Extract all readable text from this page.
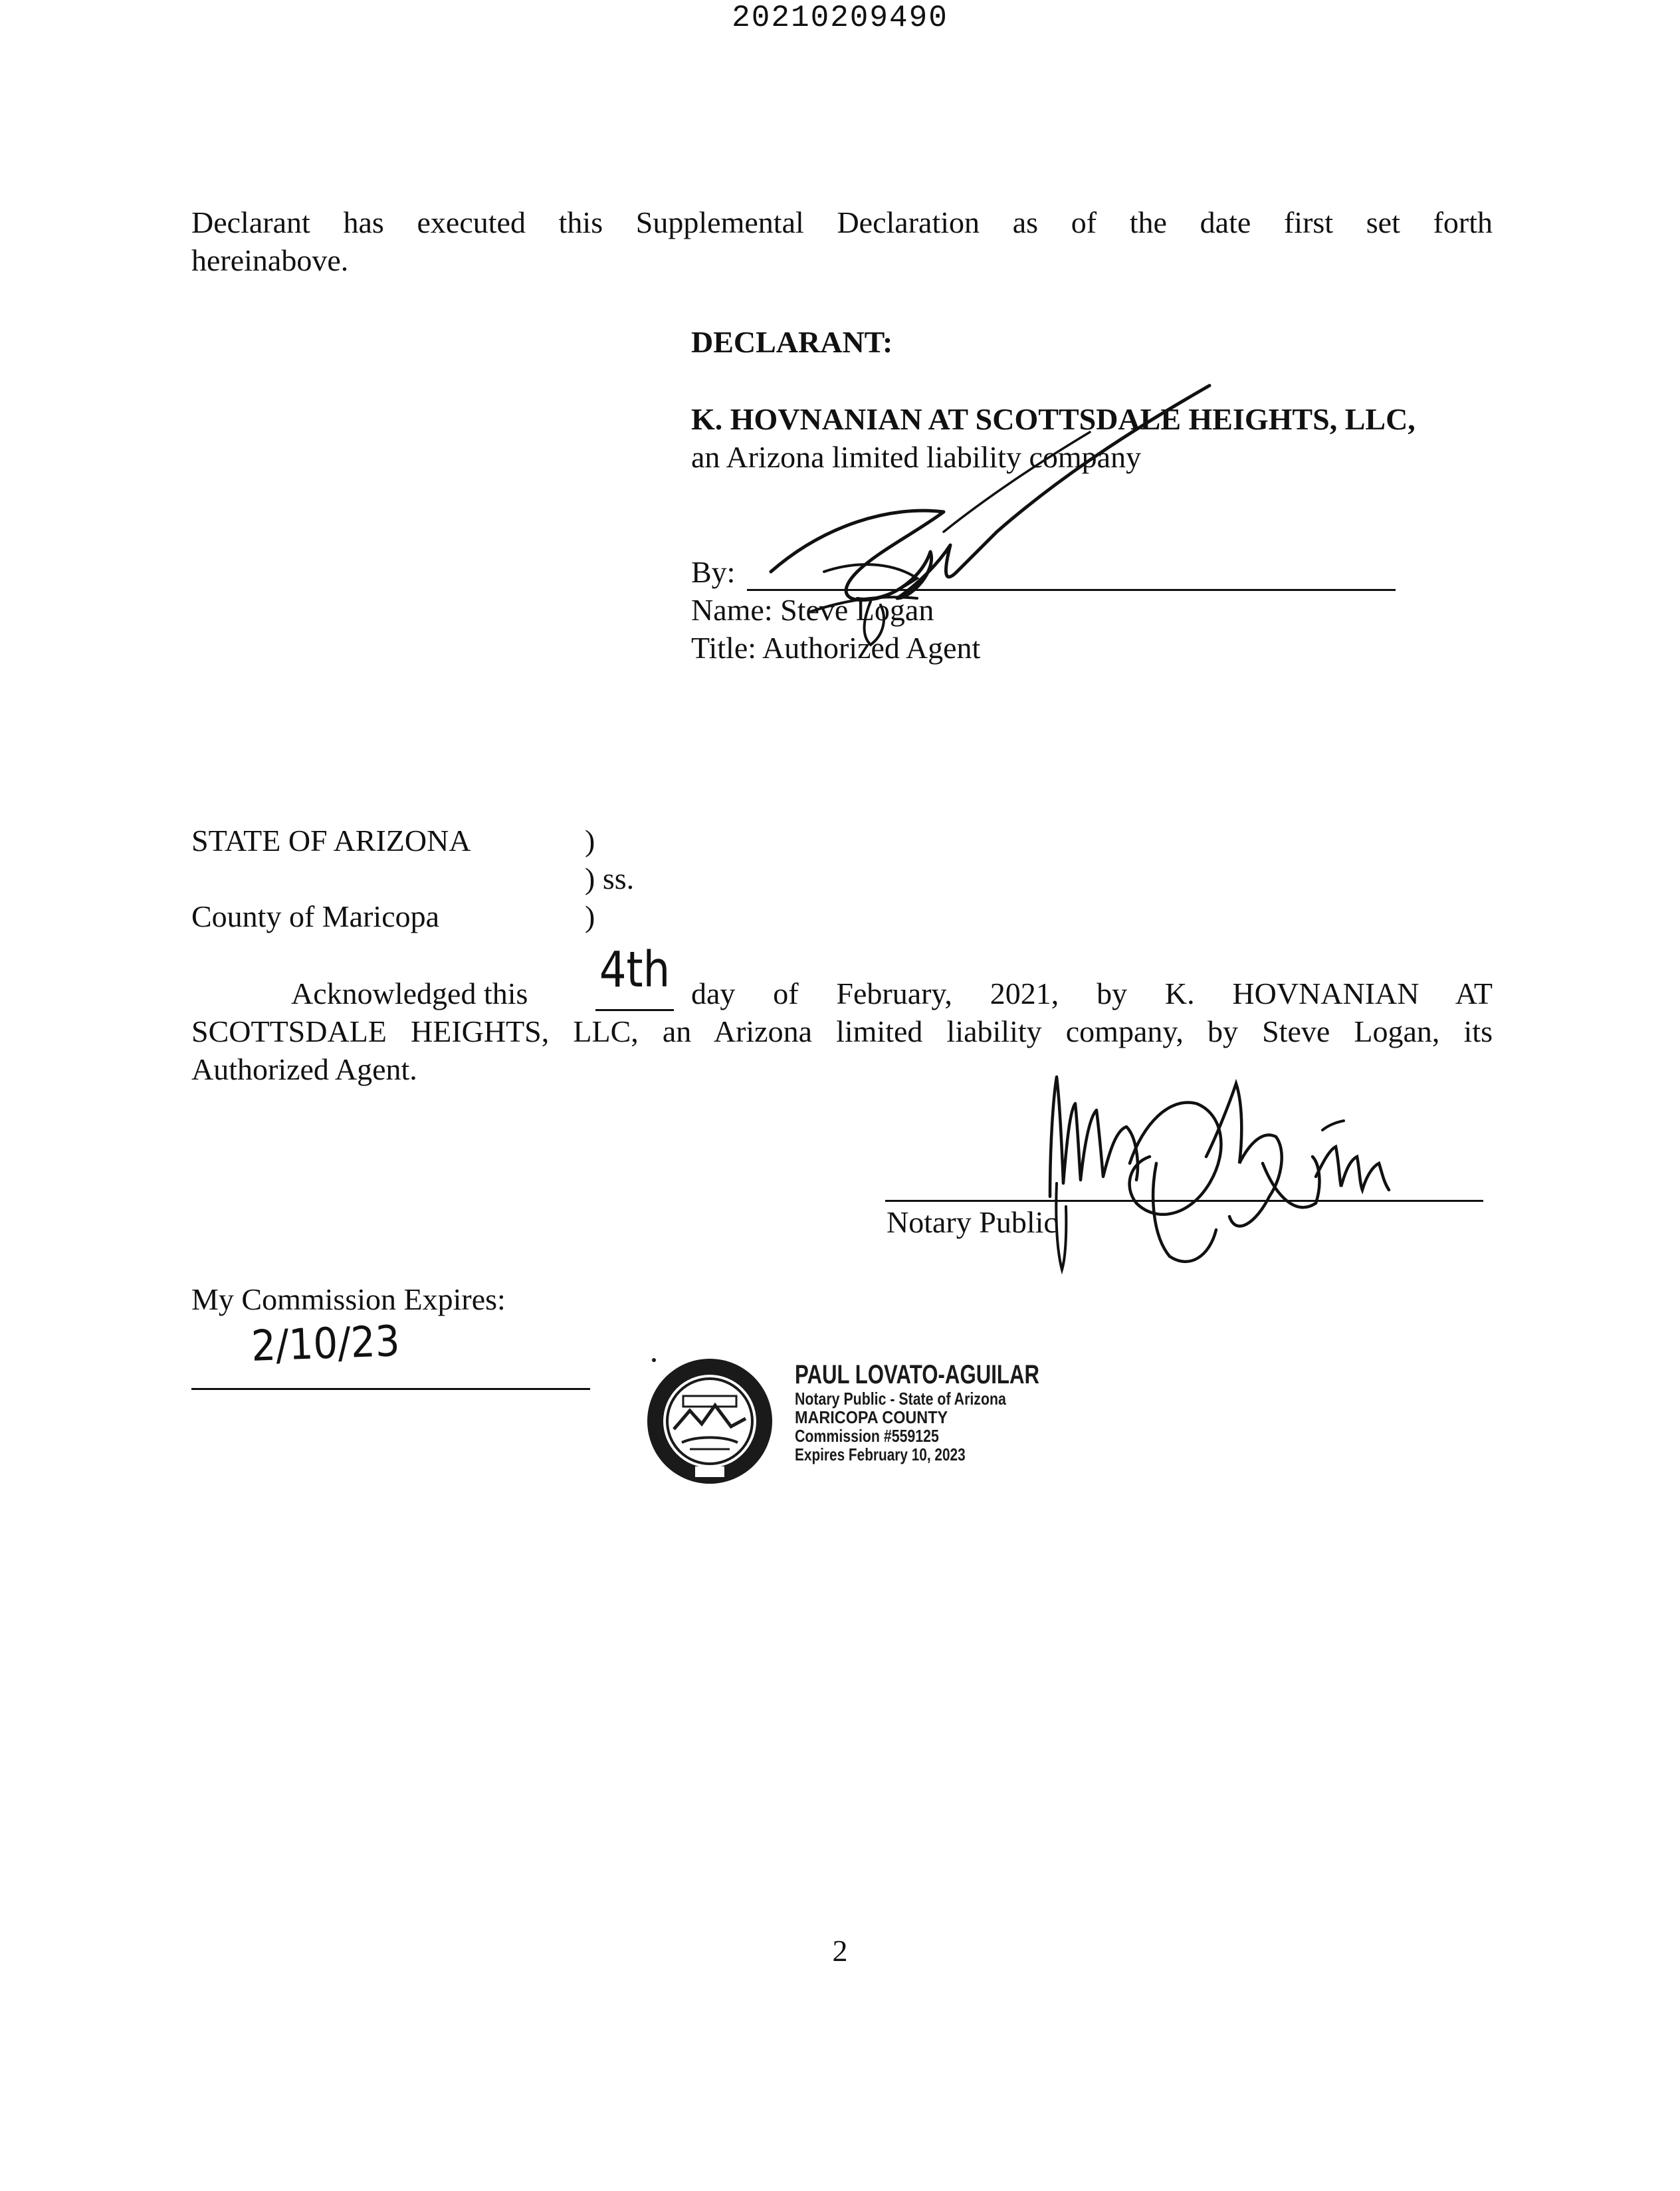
20210209490
Declarant has executed this Supplemental Declaration as of the date first set forth
hereinabove.
DECLARANT:
K. HOVNANIAN AT SCOTTSDALE HEIGHTS, LLC,
an Arizona limited liability company
By:
Name: Steve Logan
Title: Authorized Agent
STATE OF ARIZONA	)
) ss.
County of Maricopa	)
Acknowledged this 4th day of February, 2021, by K. HOVNANIAN AT
SCOTTSDALE HEIGHTS, LLC, an Arizona limited liability company, by Steve Logan, its
Authorized Agent.
Notary Public
My Commission Expires:
2/10/23
PAUL LOVATO-AGUILAR
Notary Public - State of Arizona
MARICOPA COUNTY
Commission #559125
Expires February 10, 2023
2
